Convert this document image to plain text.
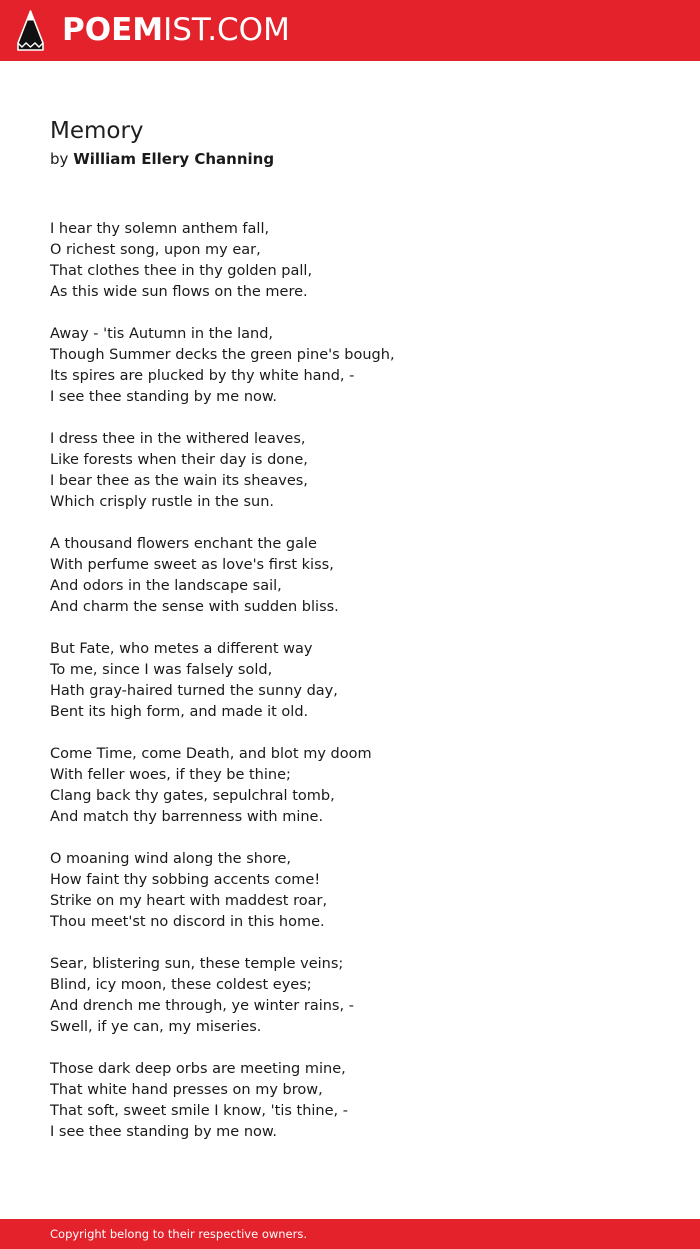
POEMIST.COM
Memory
by William Ellery Channing
I hear thy solemn anthem fall,
O richest song, upon my ear,
That clothes thee in thy golden pall,
As this wide sun flows on the mere.
Away - 'tis Autumn in the land,
Though Summer decks the green pine's bough,
Its spires are plucked by thy white hand, -
I see thee standing by me now.
I dress thee in the withered leaves,
Like forests when their day is done,
I bear thee as the wain its sheaves,
Which crisply rustle in the sun.
A thousand flowers enchant the gale
With perfume sweet as love's first kiss,
And odors in the landscape sail,
And charm the sense with sudden bliss.
But Fate, who metes a different way
To me, since I was falsely sold,
Hath gray-haired turned the sunny day,
Bent its high form, and made it old.
Come Time, come Death, and blot my doom
With feller woes, if they be thine;
Clang back thy gates, sepulchral tomb,
And match thy barrenness with mine.
O moaning wind along the shore,
How faint thy sobbing accents come!
Strike on my heart with maddest roar,
Thou meet'st no discord in this home.
Sear, blistering sun, these temple veins;
Blind, icy moon, these coldest eyes;
And drench me through, ye winter rains, -
Swell, if ye can, my miseries.
Those dark deep orbs are meeting mine,
That white hand presses on my brow,
That soft, sweet smile I know, 'tis thine, -
I see thee standing by me now.
Copyright belong to their respective owners.
